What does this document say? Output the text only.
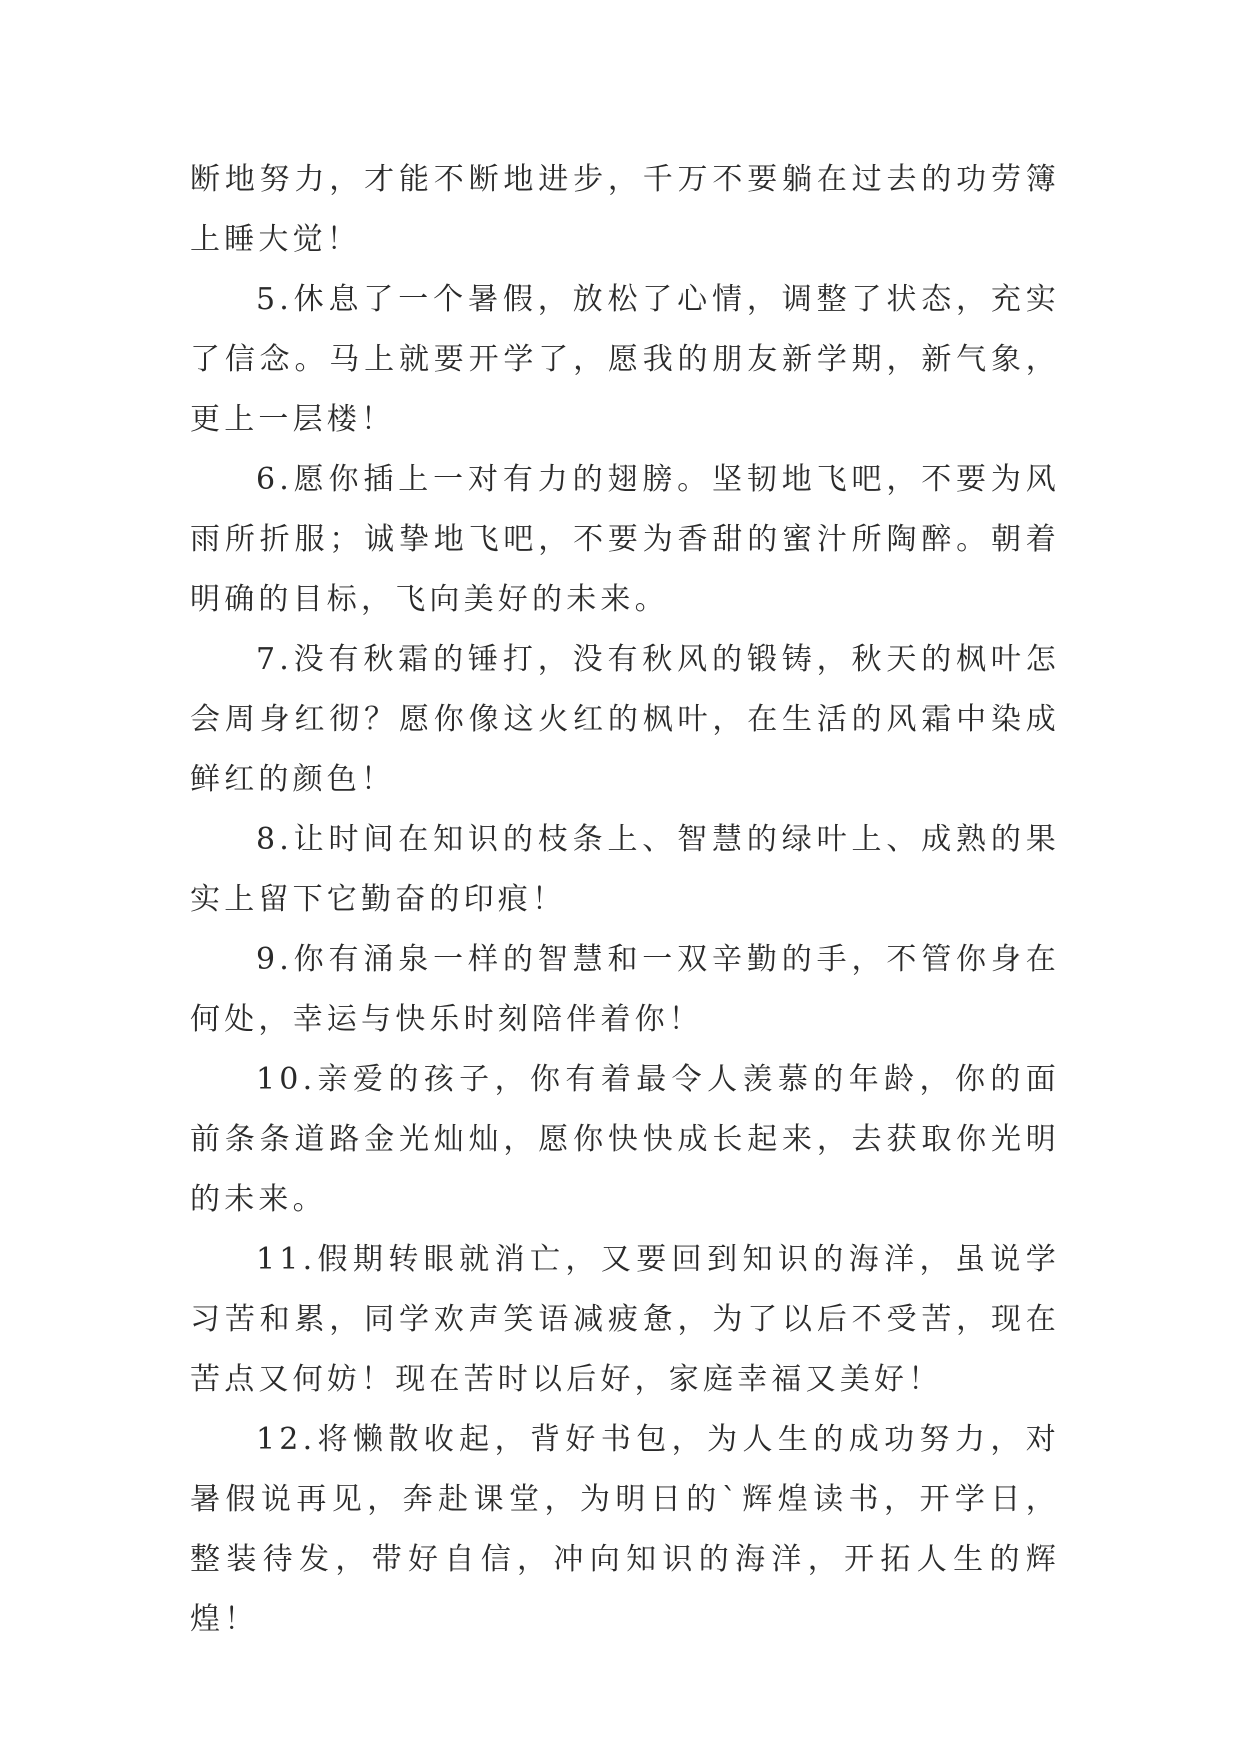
断地努力，才能不断地进步，千万不要躺在过去的功劳簿上睡大觉！

5.休息了一个暑假，放松了心情，调整了状态，充实了信念。马上就要开学了，愿我的朋友新学期，新气象，更上一层楼！

6.愿你插上一对有力的翅膀。坚韧地飞吧，不要为风雨所折服；诚挚地飞吧，不要为香甜的蜜汁所陶醉。朝着明确的目标，飞向美好的未来。

7.没有秋霜的锤打，没有秋风的锻铸，秋天的枫叶怎会周身红彻？愿你像这火红的枫叶，在生活的风霜中染成鲜红的颜色！

8.让时间在知识的枝条上、智慧的绿叶上、成熟的果实上留下它勤奋的印痕！

9.你有涌泉一样的智慧和一双辛勤的手，不管你身在何处，幸运与快乐时刻陪伴着你！

10.亲爱的孩子，你有着最令人羡慕的年龄，你的面前条条道路金光灿灿，愿你快快成长起来，去获取你光明的未来。

11.假期转眼就消亡，又要回到知识的海洋，虽说学习苦和累，同学欢声笑语减疲惫，为了以后不受苦，现在苦点又何妨！现在苦时以后好，家庭幸福又美好！

12.将懒散收起，背好书包，为人生的成功努力，对暑假说再见，奔赴课堂，为明日的`辉煌读书，开学日，整装待发，带好自信，冲向知识的海洋，开拓人生的辉煌！
